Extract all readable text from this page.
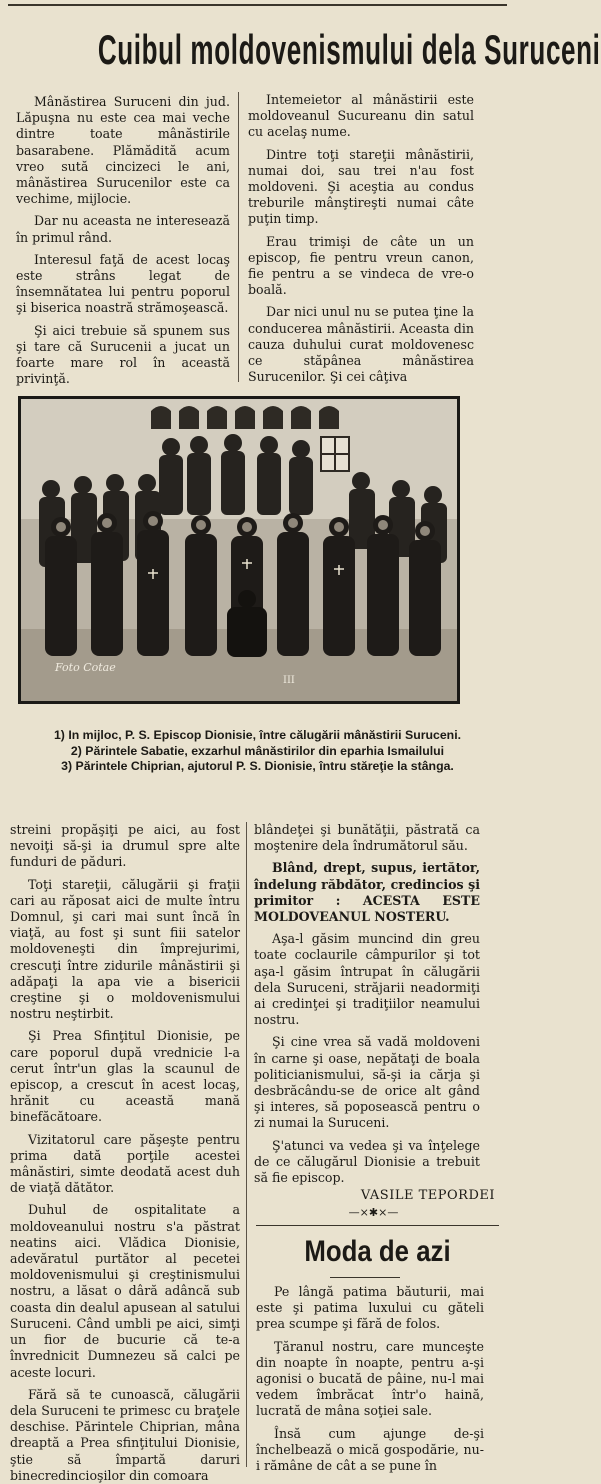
Cuibul moldovenismului dela Suruceni

Mânăstirea Suruceni din jud. Lăpuşna nu este cea mai veche dintre toate mânăstirile basarabene. Plămădită acum vreo sută cincizeci le ani, mânăstirea Surucenilor este ca vechime, mijlocie.

Dar nu aceasta ne interesează în primul rând.

Interesul faţă de acest locaş este strâns legat de însemnătatea lui pentru poporul şi biserica noastră strămoşească.

Şi aici trebuie să spunem sus şi tare că Surucenii a jucat un foarte mare rol în această privinţă.

Intemeietor al mânăstirii este moldoveanul Sucureanu din satul cu acelaş nume.

Dintre toţi stareţii mânăstirii, numai doi, sau trei n'au fost moldoveni. Şi aceştia au condus treburile mânştireşti numai câte puţin timp.

Erau trimişi de câte un un episcop, fie pentru vreun canon, fie pentru a se vindeca de vre-o boală.

Dar nici unul nu se putea ţine la conducerea mânăstirii. Aceasta din cauza duhului curat moldovenesc ce stăpânea mânăstirea Surucenilor. Şi cei câţiva

Foto Cotae
III
1) In mijloc, P. S. Episcop Dionisie, între călugării mânăstirii Suruceni.
2) Părintele Sabatie, exzarhul mânăstirilor din eparhia Ismailului
3) Părintele Chiprian, ajutorul P. S. Dionisie, întru stăreţie la stânga.

streini propăşiţi pe aici, au fost nevoiţi să-şi ia drumul spre alte funduri de păduri.

Toţi stareţii, călugării şi fraţii cari au răposat aici de multe întru Domnul, şi cari mai sunt încă în viaţă, au fost şi sunt fiii satelor moldoveneşti din împrejurimi, crescuţi între zidurile mânăstirii şi adăpaţi la apa vie a bisericii creştine şi o moldovenismului nostru neştirbit.

Şi Prea Sfinţitul Dionisie, pe care poporul după vrednicie l-a cerut într'un glas la scaunul de episcop, a crescut în acest locaş, hrănit cu această mană binefăcătoare.

Vizitatorul care păşeşte pentru prima dată porţile acestei mânăstiri, simte deodată acest duh de viaţă dătător.

Duhul de ospitalitate a moldoveanului nostru s'a păstrat neatins aici. Vlădica Dionisie, adevăratul purtător al pecetei moldovenismului şi creştinismului nostru, a lăsat o dâră adâncă sub coasta din dealul apusean al satului Suruceni. Când umbli pe aici, simţi un fior de bucurie că te-a învrednicit Dumnezeu să calci pe aceste locuri.

Fără să te cunoască, călugării dela Suruceni te primesc cu braţele deschise. Părintele Chiprian, mâna dreaptă a Prea sfinţitului Dionisie, ştie să împartă daruri binecredincioşilor din comoara

blândeţei şi bunătăţii, păstrată ca moştenire dela îndrumătorul său.

Blând, drept, supus, iertător, îndelung răbdător, credincios şi primitor : ACESTA ESTE MOLDOVEANUL NOSTERU.

Aşa-l găsim muncind din greu toate coclaurile câmpurilor şi tot aşa-l găsim întrupat în călugării dela Suruceni, străjarii neadormiţi ai credinţei şi tradiţiilor neamului nostru.

Şi cine vrea să vadă moldoveni în carne şi oase, nepătaţi de boala politicianismului, să-şi ia cărja şi desbrăcându-se de orice alt gând şi interes, să poposească pentru o zi numai la Suruceni.

Ş'atunci va vedea şi va înţelege de ce călugărul Dionisie a trebuit să fie episcop.

VASILE TEPORDEI
—×✱×—
Moda de azi

Pe lângă patima băuturii, mai este şi patima luxului cu găteli prea scumpe şi fără de folos.

Ţăranul nostru, care munceşte din noapte în noapte, pentru a-şi agonisi o bucată de pâine, nu-l mai vedem îmbrăcat într'o haină, lucrată de mâna soţiei sale.

Însă cum ajunge de-şi închelbează o mică gospodărie, nu-i rămâne de cât a se pune în
